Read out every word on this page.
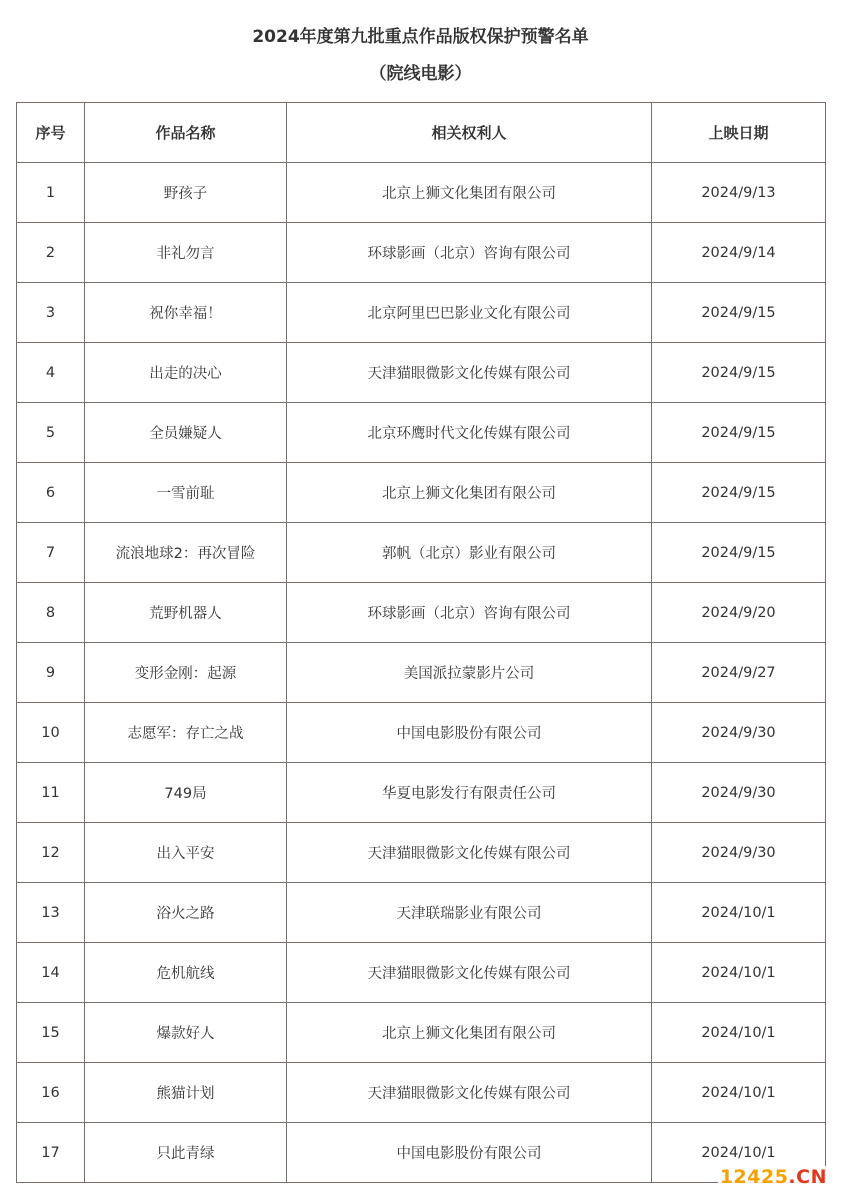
2024年度第九批重点作品版权保护预警名单
（院线电影）
序号	作品名称	相关权利人	上映日期
1	野孩子	北京上狮文化集团有限公司	2024/9/13
2	非礼勿言	环球影画（北京）咨询有限公司	2024/9/14
3	祝你幸福！	北京阿里巴巴影业文化有限公司	2024/9/15
4	出走的决心	天津猫眼微影文化传媒有限公司	2024/9/15
5	全员嫌疑人	北京环鹰时代文化传媒有限公司	2024/9/15
6	一雪前耻	北京上狮文化集团有限公司	2024/9/15
7	流浪地球2：再次冒险	郭帆（北京）影业有限公司	2024/9/15
8	荒野机器人	环球影画（北京）咨询有限公司	2024/9/20
9	变形金刚：起源	美国派拉蒙影片公司	2024/9/27
10	志愿军：存亡之战	中国电影股份有限公司	2024/9/30
11	749局	华夏电影发行有限责任公司	2024/9/30
12	出入平安	天津猫眼微影文化传媒有限公司	2024/9/30
13	浴火之路	天津联瑞影业有限公司	2024/10/1
14	危机航线	天津猫眼微影文化传媒有限公司	2024/10/1
15	爆款好人	北京上狮文化集团有限公司	2024/10/1
16	熊猫计划	天津猫眼微影文化传媒有限公司	2024/10/1
17	只此青绿	中国电影股份有限公司	2024/10/1
12425.CN
